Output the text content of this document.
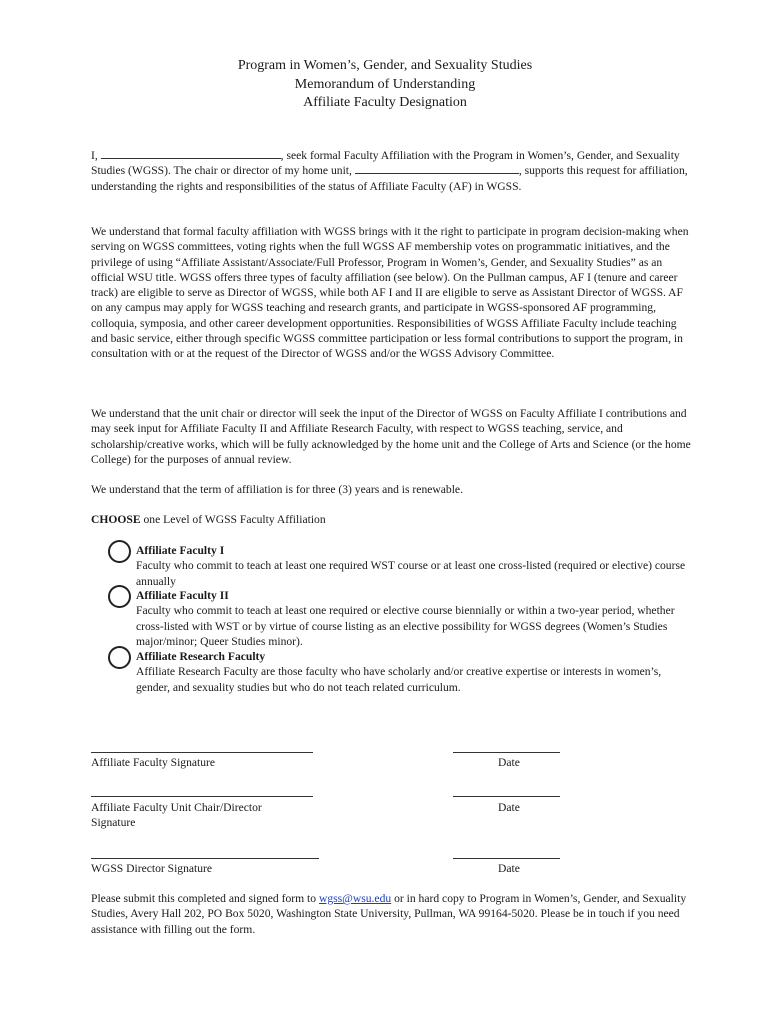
Program in Women’s, Gender, and Sexuality Studies
Memorandum of Understanding
Affiliate Faculty Designation
I,	, seek formal Faculty Affiliation with the Program in Women’s, Gender, and Sexuality Studies (WGSS). The chair or director of my home unit,	, supports this request for affiliation, understanding the rights and responsibilities of the status of Affiliate Faculty (AF) in WGSS.
We understand that formal faculty affiliation with WGSS brings with it the right to participate in program decision-making when serving on WGSS committees, voting rights when the full WGSS AF membership votes on programmatic initiatives, and the privilege of using “Affiliate Assistant/Associate/Full Professor, Program in Women’s, Gender, and Sexuality Studies” as an official WSU title. WGSS offers three types of faculty affiliation (see below). On the Pullman campus, AF I (tenure and career track) are eligible to serve as Director of WGSS, while both AF I and II are eligible to serve as Assistant Director of WGSS. AF on any campus may apply for WGSS teaching and research grants, and participate in WGSS-sponsored AF programming, colloquia, symposia, and other career development opportunities. Responsibilities of WGSS Affiliate Faculty include teaching and basic service, either through specific WGSS committee participation or less formal contributions to support the program, in consultation with or at the request of the Director of WGSS and/or the WGSS Advisory Committee.
We understand that the unit chair or director will seek the input of the Director of WGSS on Faculty Affiliate I contributions and may seek input for Affiliate Faculty II and Affiliate Research Faculty, with respect to WGSS teaching, service, and scholarship/creative works, which will be fully acknowledged by the home unit and the College of Arts and Science (or the home College) for the purposes of annual review.
We understand that the term of affiliation is for three (3) years and is renewable.
CHOOSE one Level of WGSS Faculty Affiliation
Affiliate Faculty I
Faculty who commit to teach at least one required WST course or at least one cross-listed (required or elective) course annually
Affiliate Faculty II
Faculty who commit to teach at least one required or elective course biennially or within a two-year period, whether cross-listed with WST or by virtue of course listing as an elective possibility for WGSS degrees (Women’s Studies major/minor; Queer Studies minor).
Affiliate Research Faculty
Affiliate Research Faculty are those faculty who have scholarly and/or creative expertise or interests in women’s, gender, and sexuality studies but who do not teach related curriculum.
Affiliate Faculty Signature	Date
Affiliate Faculty Unit Chair/Director
Signature
Date
WGSS Director Signature	Date
Please submit this completed and signed form to wgss@wsu.edu or in hard copy to Program in Women’s, Gender, and Sexuality Studies, Avery Hall 202, PO Box 5020, Washington State University, Pullman, WA 99164-5020. Please be in touch if you need assistance with filling out the form.
